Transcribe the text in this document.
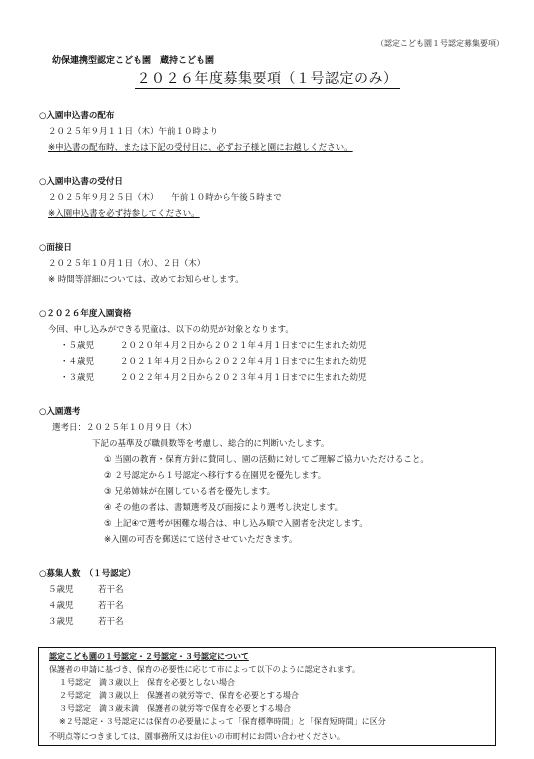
（認定こども園１号認定募集要項）
幼保連携型認定こども園　蔵持こども園
２０２６年度募集要項（１号認定のみ）
○入園申込書の配布
２０２５年９月１１日（木）午前１０時より
※申込書の配布時、または下記の受付日に、必ずお子様と園にお越しください。
○入園申込書の受付日
２０２５年９月２５日（木）　　午前１０時から午後５時まで
※入園申込書を必ず持参してください。
○面接日
２０２５年１０月１日（水）、２日（木）
※ 時間等詳細については、改めてお知らせします。
○２０２６年度入園資格
今回、申し込みができる児童は、以下の幼児が対象となります。
・５歳児	２０２０年４月２日から２０２１年４月１日までに生まれた幼児
・４歳児	２０２１年４月２日から２０２２年４月１日までに生まれた幼児
・３歳児	２０２２年４月２日から２０２３年４月１日までに生まれた幼児
○入園選考
選考日：２０２５年１０月９日（木）
下記の基準及び職員数等を考慮し、総合的に判断いたします。
① 当園の教育・保育方針に賛同し、園の活動に対してご理解ご協力いただけること。
② ２号認定から１号認定へ移行する在園児を優先します。
③ 兄弟姉妹が在園している者を優先します。
④ その他の者は、書類選考及び面接により選考し決定します。
⑤ 上記④で選考が困難な場合は、申し込み順で入園者を決定します。
※入園の可否を郵送にて送付させていただきます。
○募集人数　（１号認定）
５歳児	若干名
４歳児	若干名
３歳児	若干名
認定こども園の１号認定・２号認定・３号認定について
保護者の申請に基づき、保育の必要性に応じて市によって以下のように認定されます。
１号認定　満３歳以上　保育を必要としない場合
２号認定　満３歳以上　保護者の就労等で、保育を必要とする場合
３号認定　満３歳未満　保護者の就労等で保育を必要とする場合
※２号認定・３号認定には保育の必要量によって「保育標準時間」と「保育短時間」に区分
不明点等につきましては、園事務所又はお住いの市町村にお問い合わせください。
